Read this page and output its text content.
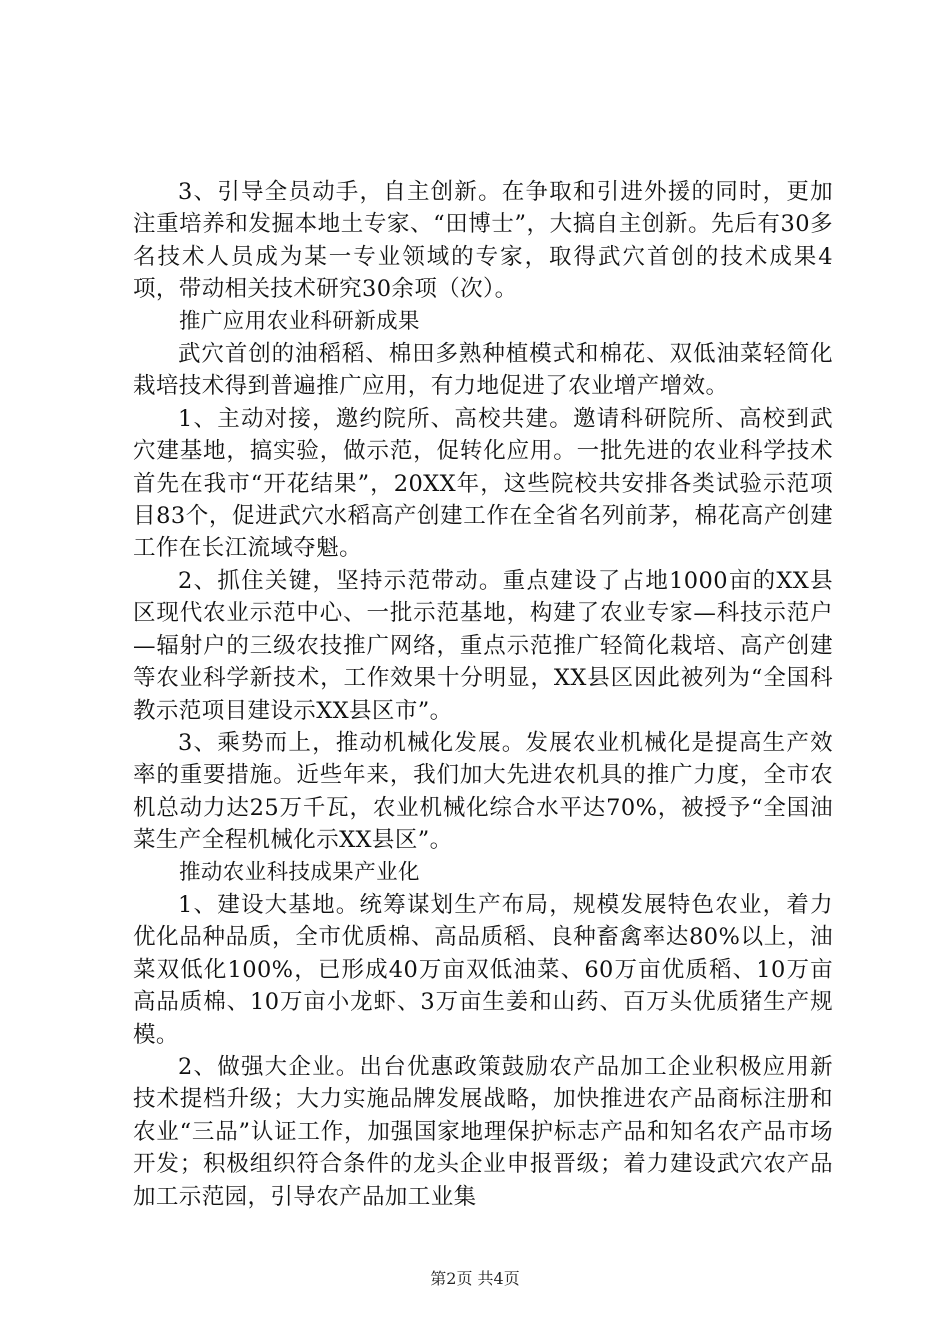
3、引导全员动手，自主创新。在争取和引进外援的同时，更加注重培养和发掘本地土专家、“田博士”，大搞自主创新。先后有30多名技术人员成为某一专业领域的专家，取得武穴首创的技术成果4项，带动相关技术研究30余项（次）。

推广应用农业科研新成果

武穴首创的油稻稻、棉田多熟种植模式和棉花、双低油菜轻简化栽培技术得到普遍推广应用，有力地促进了农业增产增效。

1、主动对接，邀约院所、高校共建。邀请科研院所、高校到武穴建基地，搞实验，做示范，促转化应用。一批先进的农业科学技术首先在我市“开花结果”，20XX年，这些院校共安排各类试验示范项目83个，促进武穴水稻高产创建工作在全省名列前茅，棉花高产创建工作在长江流域夺魁。

2、抓住关键，坚持示范带动。重点建设了占地1000亩的XX县区现代农业示范中心、一批示范基地，构建了农业专家—科技示范户—辐射户的三级农技推广网络，重点示范推广轻简化栽培、高产创建等农业科学新技术，工作效果十分明显，XX县区因此被列为“全国科教示范项目建设示XX县区市”。

3、乘势而上，推动机械化发展。发展农业机械化是提高生产效率的重要措施。近些年来，我们加大先进农机具的推广力度，全市农机总动力达25万千瓦，农业机械化综合水平达70%，被授予“全国油菜生产全程机械化示XX县区”。

推动农业科技成果产业化

1、建设大基地。统筹谋划生产布局，规模发展特色农业，着力优化品种品质，全市优质棉、高品质稻、良种畜禽率达80%以上，油菜双低化100%，已形成40万亩双低油菜、60万亩优质稻、10万亩高品质棉、10万亩小龙虾、3万亩生姜和山药、百万头优质猪生产规模。

2、做强大企业。出台优惠政策鼓励农产品加工企业积极应用新技术提档升级；大力实施品牌发展战略，加快推进农产品商标注册和农业“三品”认证工作，加强国家地理保护标志产品和知名农产品市场开发；积极组织符合条件的龙头企业申报晋级；着力建设武穴农产品加工示范园，引导农产品加工业集

第2页 共4页
